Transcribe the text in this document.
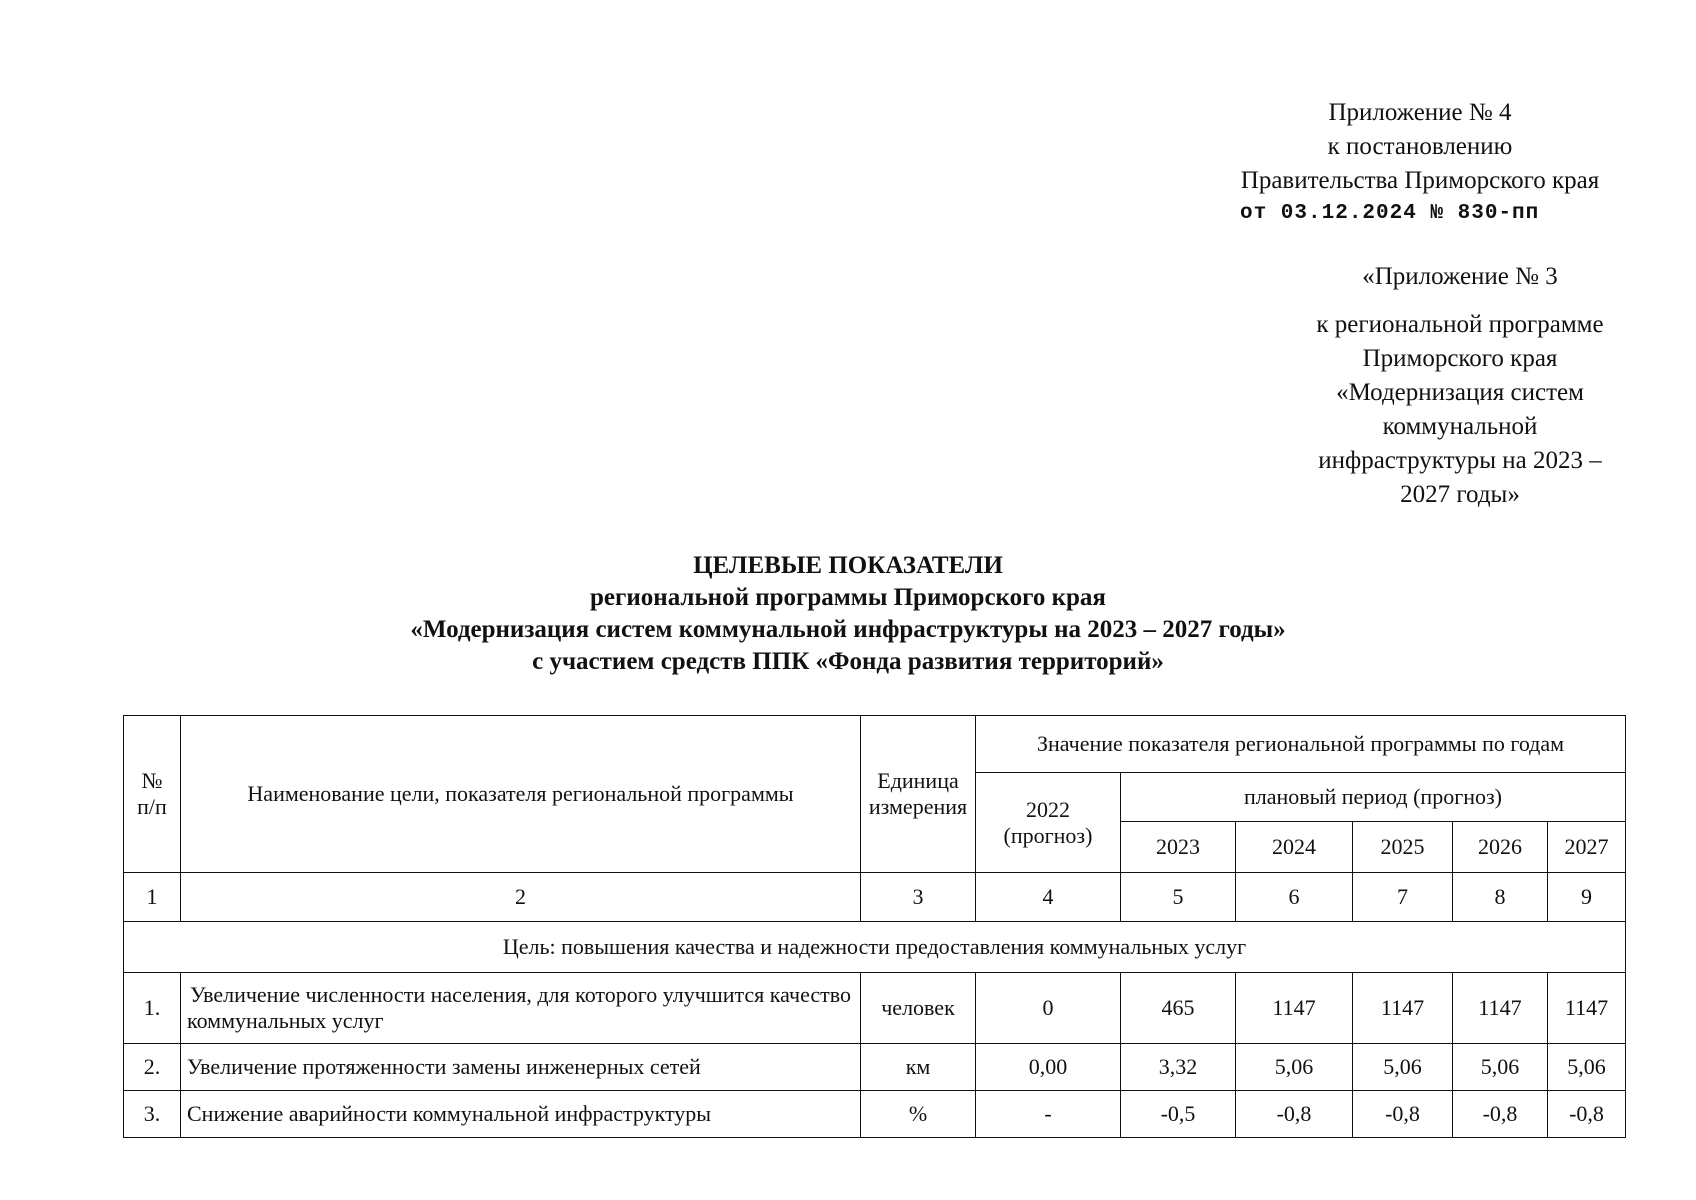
Приложение № 4
к постановлению
Правительства Приморского края
от 03.12.2024 № 830-пп
«Приложение № 3
к региональной программе
Приморского края
«Модернизация систем
коммунальной
инфраструктуры на 2023 –
2027 годы»
ЦЕЛЕВЫЕ ПОКАЗАТЕЛИ
региональной программы Приморского края
«Модернизация систем коммунальной инфраструктуры на 2023 – 2027 годы»
с участием средств ППК «Фонда развития территорий»
№ п/п	Наименование цели, показателя региональной программы	Единица измерения	Значение показателя региональной программы по годам					
			2022 (прогноз)	плановый период (прогноз)				
				2023	2024	2025	2026	2027
1	2	3	4	5	6	7	8	9
Цель: повышения качества и надежности предоставления коммунальных услуг								
1.	Увеличение численности населения, для которого улучшится качество коммунальных услуг	человек	0	465	1147	1147	1147	1147
2.	Увеличение протяженности замены инженерных сетей	км	0,00	3,32	5,06	5,06	5,06	5,06
3.	Снижение аварийности коммунальной инфраструктуры	%	-	-0,5	-0,8	-0,8	-0,8	-0,8
